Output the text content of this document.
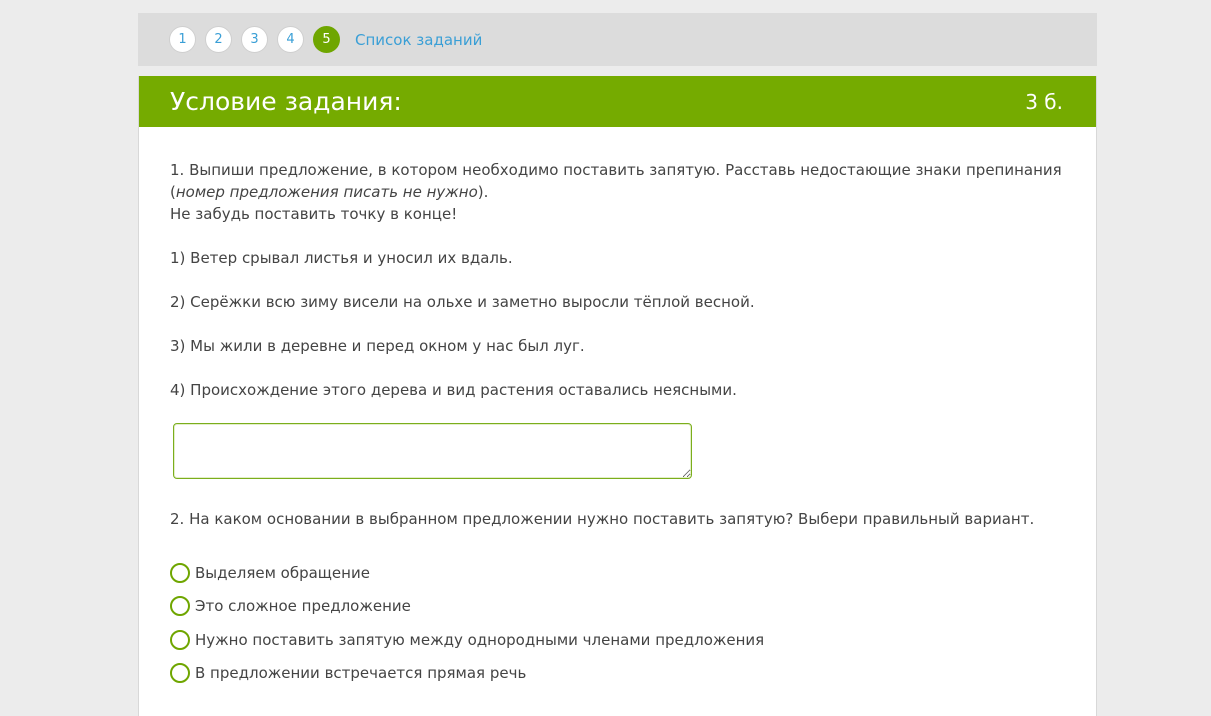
1	2	3	4	5	Список заданий
Условие задания:	3 б.

1. Выпиши предложение, в котором необходимо поставить запятую. Расставь недостающие знаки препинания

(номер предложения писать не нужно).

Не забудь поставить точку в конце!

1) Ветер срывал листья и уносил их вдаль.

2) Серёжки всю зиму висели на ольхе и заметно выросли тёплой весной.

3) Мы жили в деревне и перед окном у нас был луг.

4) Происхождение этого дерева и вид растения оставались неясными.

2. На каком основании в выбранном предложении нужно поставить запятую? Выбери правильный вариант.

Выделяем обращение
Это сложное предложение
Нужно поставить запятую между однородными членами предложения
В предложении встречается прямая речь
